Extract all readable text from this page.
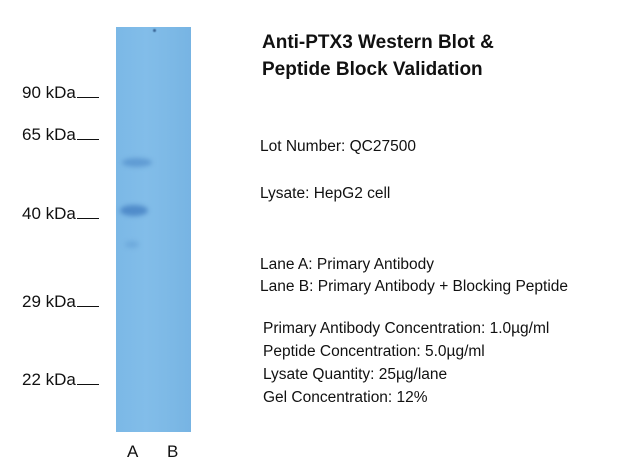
90 kDa
65 kDa
40 kDa
29 kDa
22 kDa
A B
Anti-PTX3 Western Blot &
Peptide Block Validation
Lot Number: QC27500
Lysate: HepG2 cell
Lane A: Primary Antibody
Lane B: Primary Antibody + Blocking Peptide
Primary Antibody Concentration: 1.0µg/ml
Peptide Concentration: 5.0µg/ml
Lysate Quantity: 25µg/lane
Gel Concentration: 12%
